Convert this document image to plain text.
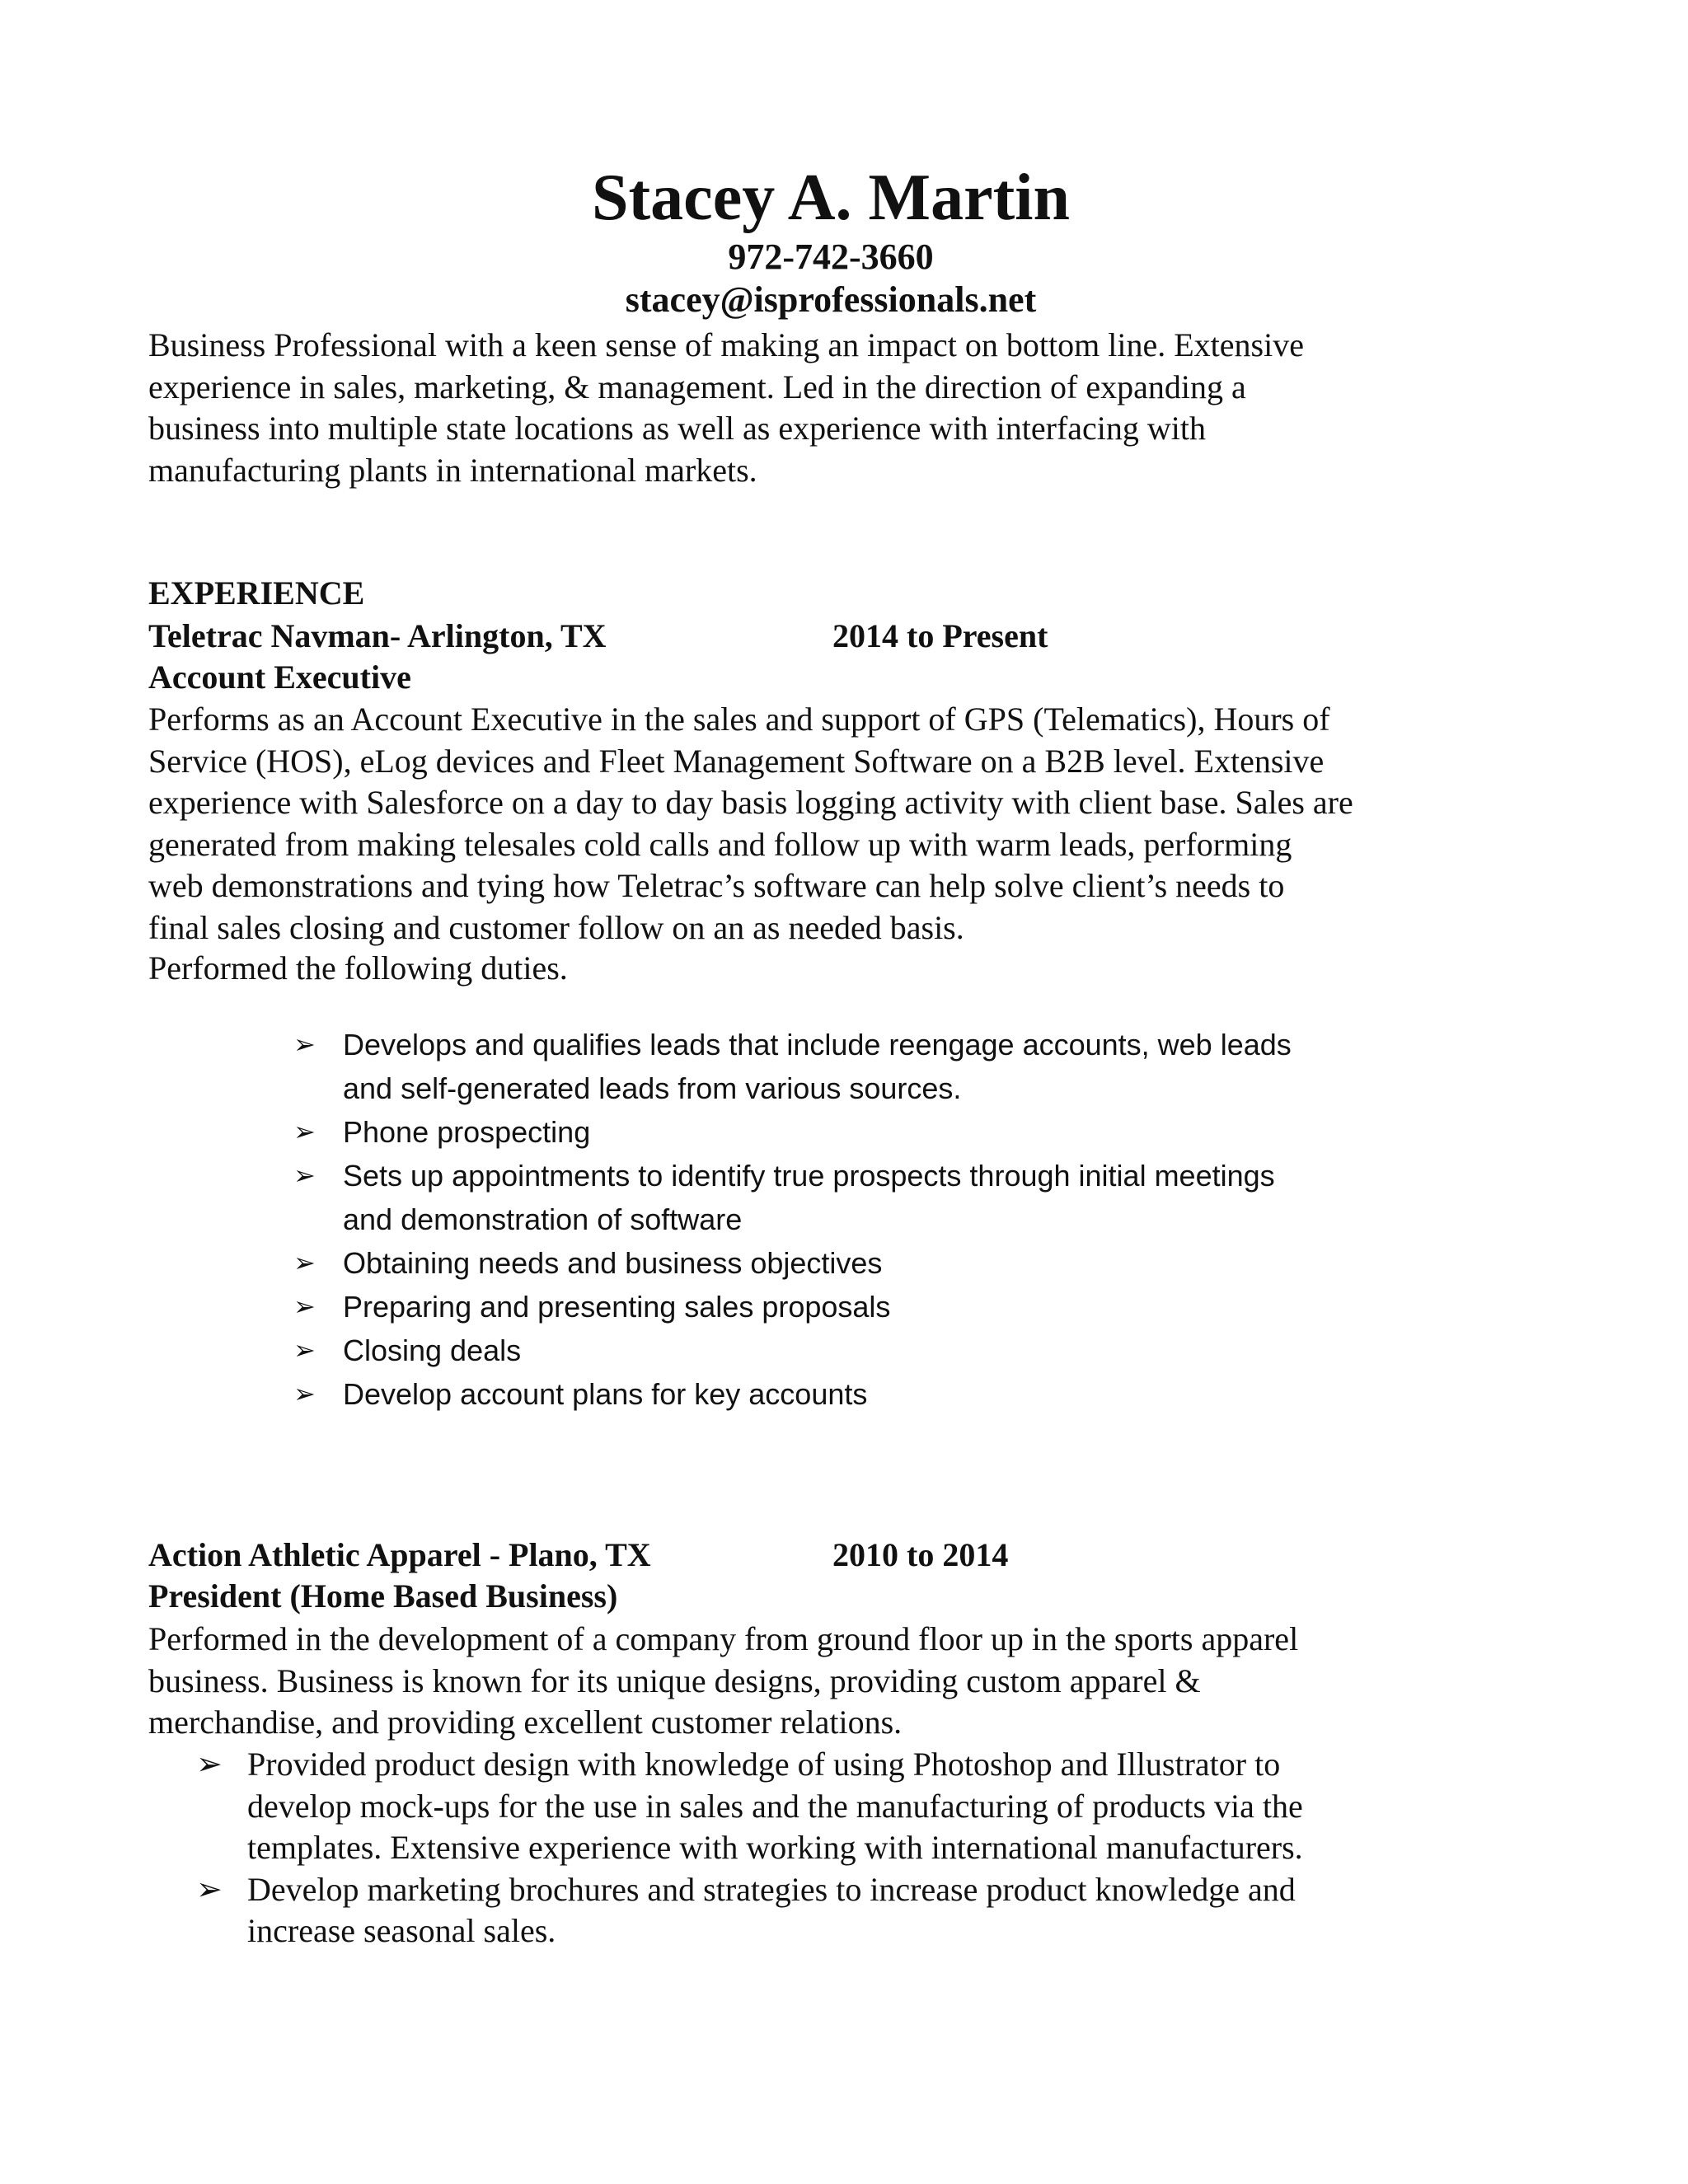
Stacey A. Martin
972-742-3660
stacey@isprofessionals.net
Business Professional with a keen sense of making an impact on bottom line. Extensive
experience in sales, marketing, & management. Led in the direction of expanding a
business into multiple state locations as well as experience with interfacing with
manufacturing plants in international markets.
EXPERIENCE
Teletrac Navman- Arlington, TX	2014 to Present
Account Executive
Performs as an Account Executive in the sales and support of GPS (Telematics), Hours of
Service (HOS), eLog devices and Fleet Management Software on a B2B level. Extensive
experience with Salesforce on a day to day basis logging activity with client base. Sales are
generated from making telesales cold calls and follow up with warm leads, performing
web demonstrations and tying how Teletrac’s software can help solve client’s needs to
final sales closing and customer follow on an as needed basis.
Performed the following duties.
➢ Develops and qualifies leads that include reengage accounts, web leads
and self-generated leads from various sources.
➢ Phone prospecting
➢ Sets up appointments to identify true prospects through initial meetings
and demonstration of software
➢ Obtaining needs and business objectives
➢ Preparing and presenting sales proposals
➢ Closing deals
➢ Develop account plans for key accounts
Action Athletic Apparel - Plano, TX	2010 to 2014
President (Home Based Business)
Performed in the development of a company from ground floor up in the sports apparel
business. Business is known for its unique designs, providing custom apparel &
merchandise, and providing excellent customer relations.
➢ Provided product design with knowledge of using Photoshop and Illustrator to
develop mock-ups for the use in sales and the manufacturing of products via the
templates. Extensive experience with working with international manufacturers.
➢ Develop marketing brochures and strategies to increase product knowledge and
increase seasonal sales.
